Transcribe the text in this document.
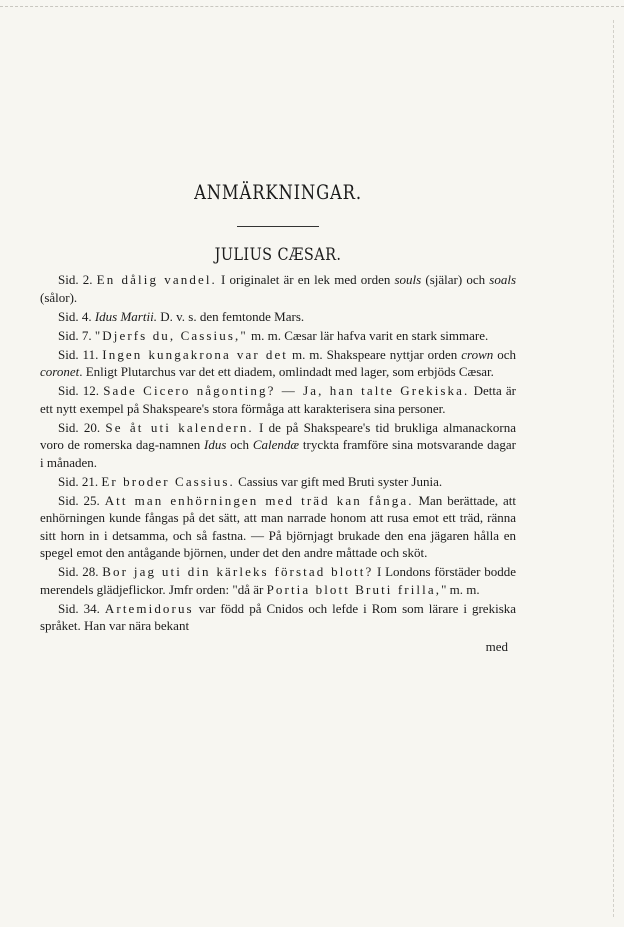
ANMÄRKNINGAR.
JULIUS CÆSAR.

Sid. 2. En dålig vandel. I originalet är en lek med orden souls (själar) och soals (sålor).

Sid. 4. Idus Martii. D. v. s. den femtonde Mars.

Sid. 7. "Djerfs du, Cassius," m. m. Cæsar lär hafva varit en stark simmare.

Sid. 11. Ingen kungakrona var det m. m. Shakspeare nyttjar orden crown och coronet. Enligt Plutarchus var det ett diadem, omlindadt med lager, som erbjöds Cæsar.

Sid. 12. Sade Cicero någonting? — Ja, han talte Grekiska. Detta är ett nytt exempel på Shakspeare's stora förmåga att karakterisera sina personer.

Sid. 20. Se åt uti kalendern. I de på Shakspeare's tid brukliga almanackorna voro de romerska dag-namnen Idus och Calendæ tryckta framföre sina motsvarande dagar i månaden.

Sid. 21. Er broder Cassius. Cassius var gift med Bruti syster Junia.

Sid. 25. Att man enhörningen med träd kan fånga. Man berättade, att enhörningen kunde fångas på det sätt, att man narrade honom att rusa emot ett träd, ränna sitt horn in i detsamma, och så fastna. — På björnjagt brukade den ena jägaren hålla en spegel emot den antågande björnen, under det den andre måttade och sköt.

Sid. 28. Bor jag uti din kärleks förstad blott? I Londons förstäder bodde merendels glädjeflickor. Jmfr orden: "då är Portia blott Bruti frilla," m. m.

Sid. 34. Artemidorus var född på Cnidos och lefde i Rom som lärare i grekiska språket. Han var nära bekant

med
